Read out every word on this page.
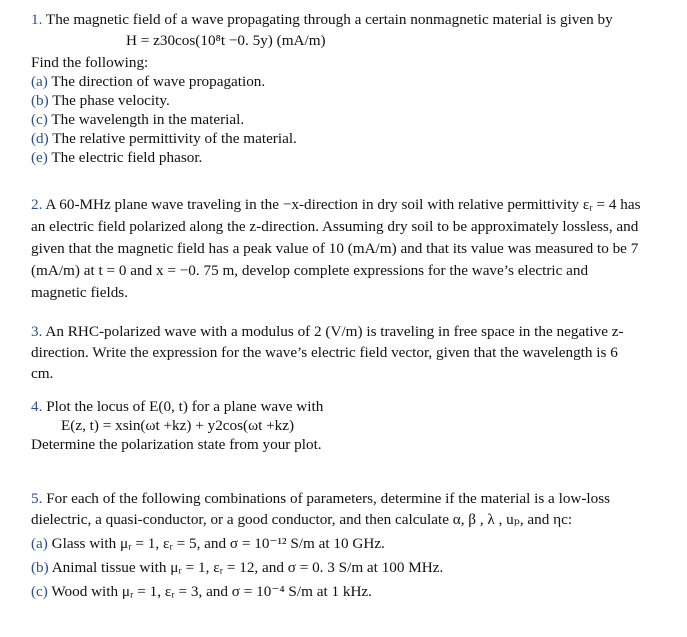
1. The magnetic field of a wave propagating through a certain nonmagnetic material is given by

H = z30cos(10⁸t −0. 5y) (mA/m)

Find the following:

(a) The direction of wave propagation.

(b) The phase velocity.

(c) The wavelength in the material.

(d) The relative permittivity of the material.

(e) The electric field phasor.

2. A 60-MHz plane wave traveling in the −x-direction in dry soil with relative permittivity εᵣ = 4 has

an electric field polarized along the z-direction. Assuming dry soil to be approximately lossless, and

given that the magnetic field has a peak value of 10 (mA/m) and that its value was measured to be 7

(mA/m) at t = 0 and x = −0. 75 m, develop complete expressions for the wave’s electric and

magnetic fields.

3. An RHC-polarized wave with a modulus of 2 (V/m) is traveling in free space in the negative z-

direction. Write the expression for the wave’s electric field vector, given that the wavelength is 6

cm.

4. Plot the locus of E(0, t) for a plane wave with

E(z, t) = xsin(ωt +kz) + y2cos(ωt +kz)

Determine the polarization state from your plot.

5. For each of the following combinations of parameters, determine if the material is a low-loss

dielectric, a quasi-conductor, or a good conductor, and then calculate α, β , λ , uₚ, and ηc:

(a) Glass with μᵣ = 1, εᵣ = 5, and σ = 10⁻¹² S/m at 10 GHz.

(b) Animal tissue with μᵣ = 1, εᵣ = 12, and σ = 0. 3 S/m at 100 MHz.

(c) Wood with μᵣ = 1, εᵣ = 3, and σ = 10⁻⁴ S/m at 1 kHz.
